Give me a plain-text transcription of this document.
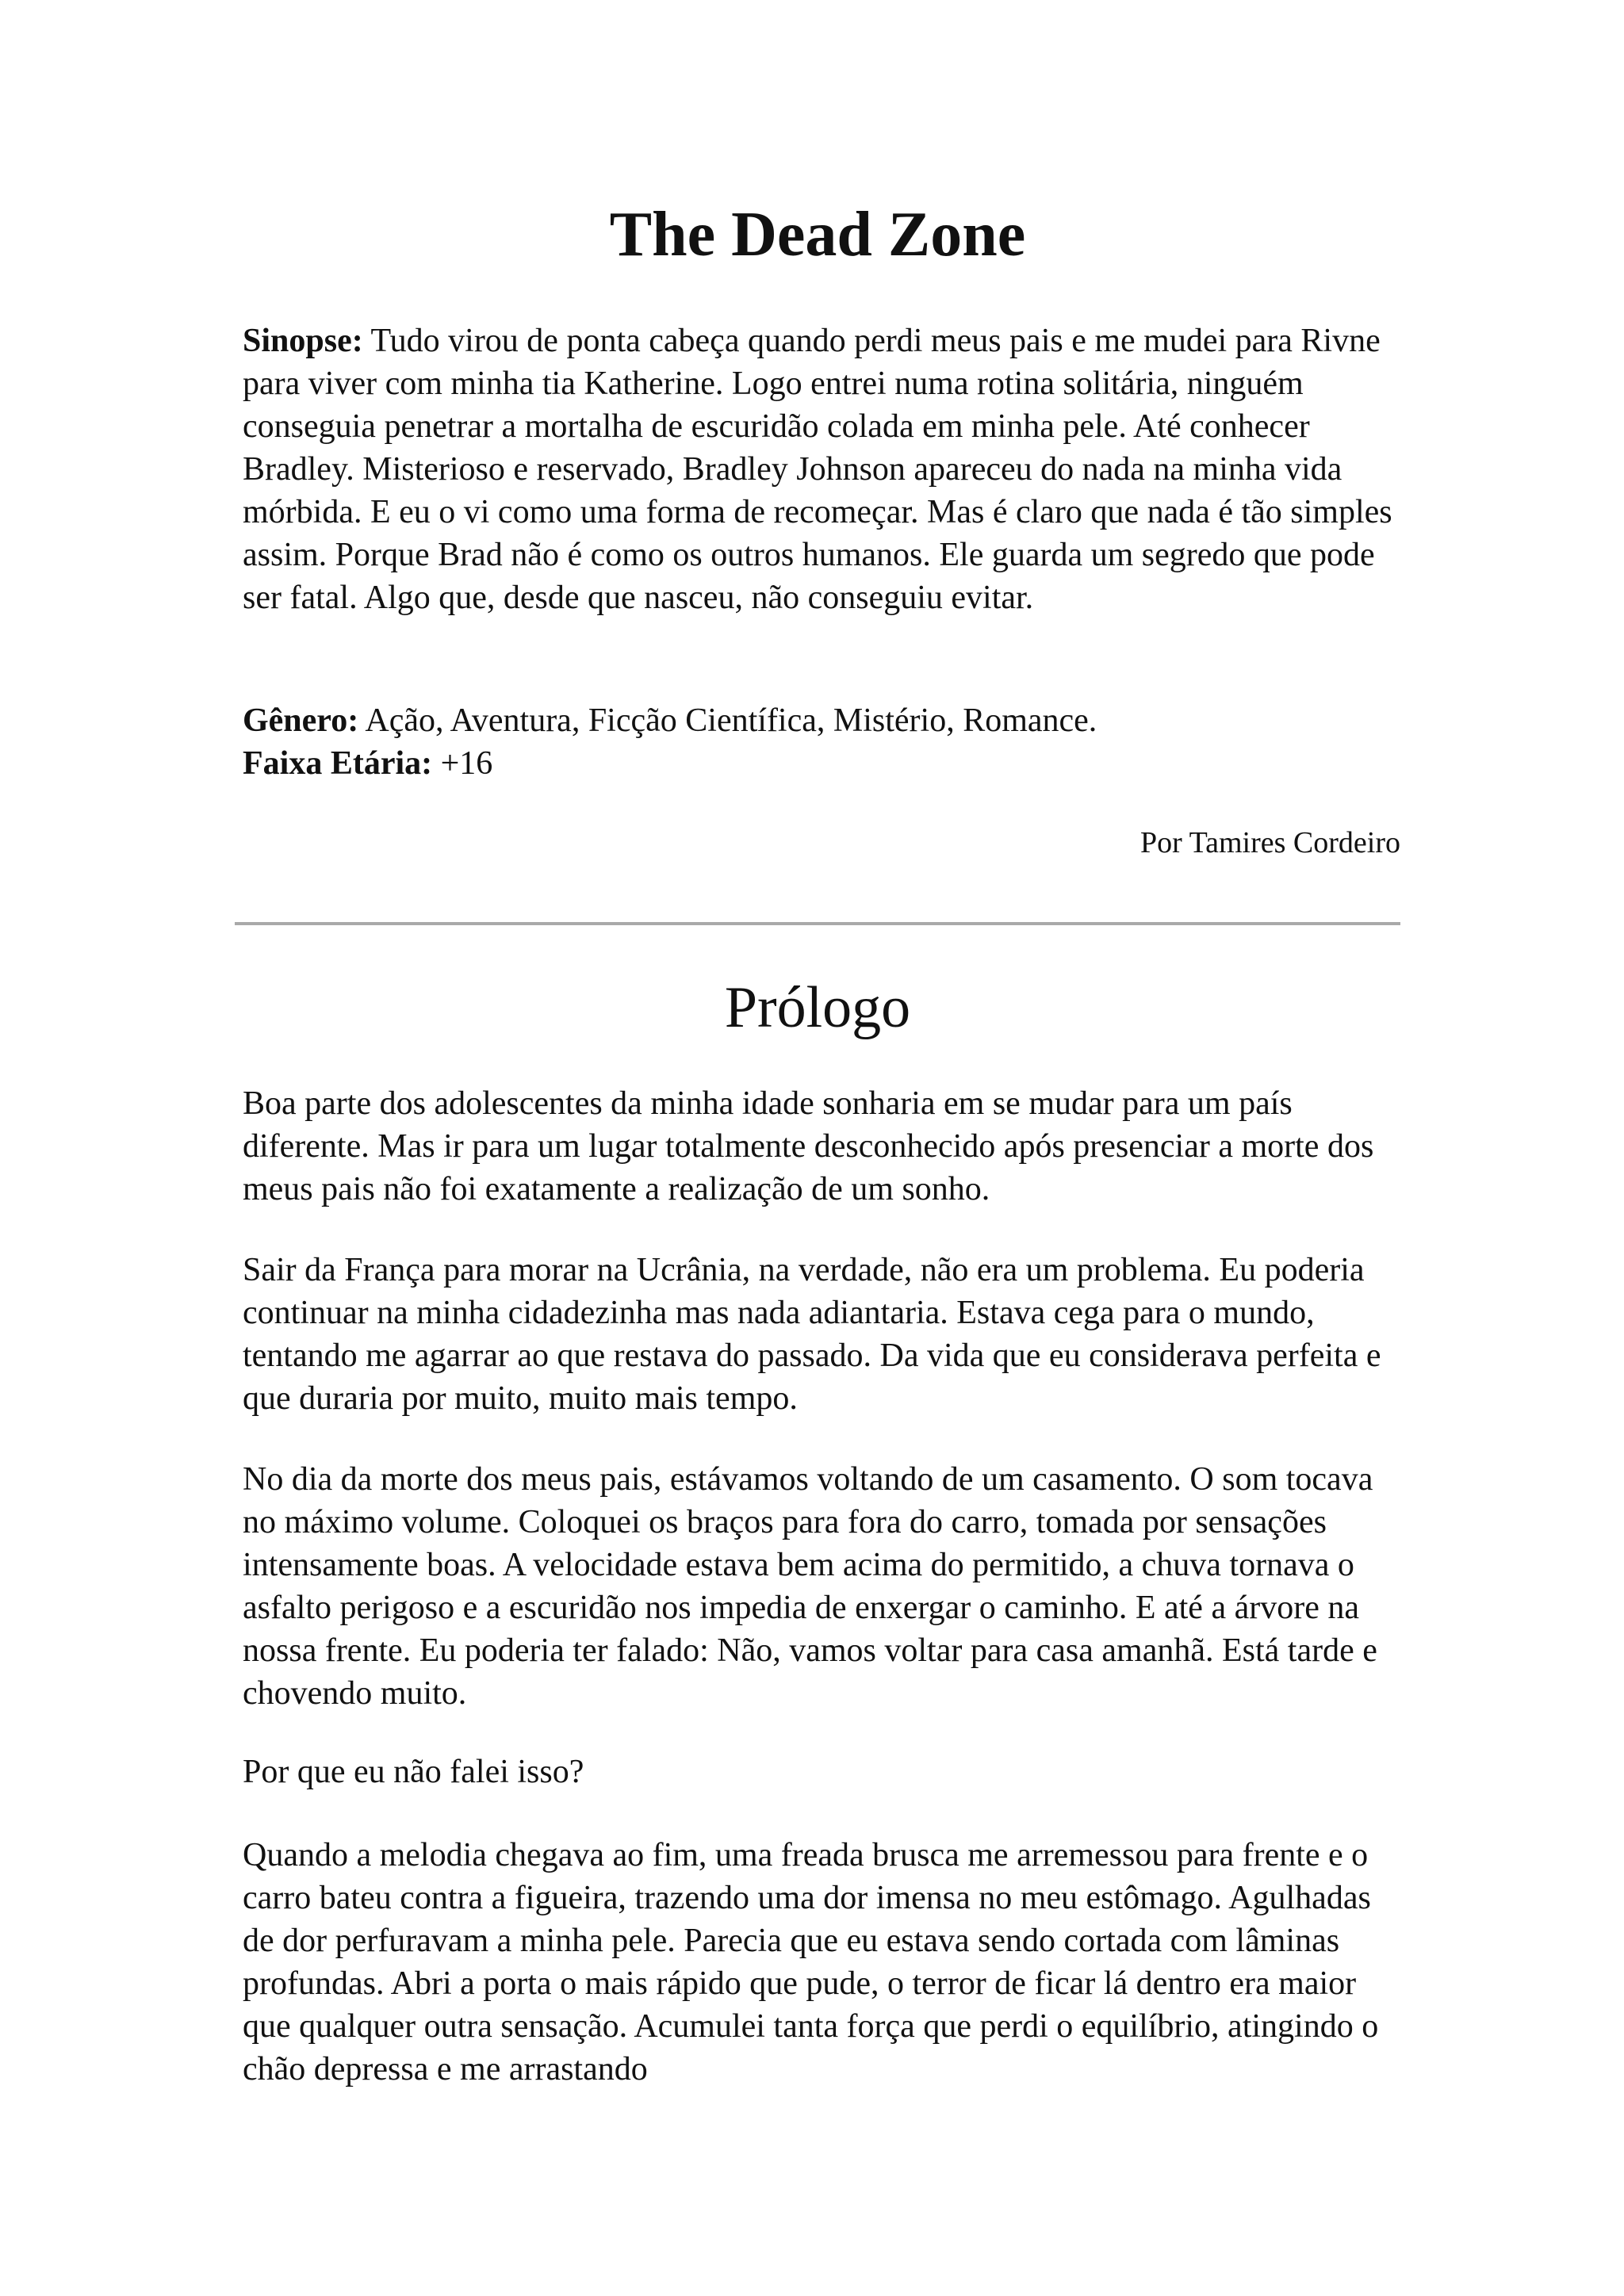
The Dead Zone

Sinopse: Tudo virou de ponta cabeça quando perdi meus pais e me mudei para Rivne para viver com minha tia Katherine. Logo entrei numa rotina solitária, ninguém conseguia penetrar a mortalha de escuridão colada em minha pele. Até conhecer Bradley. Misterioso e reservado, Bradley Johnson apareceu do nada na minha vida mórbida. E eu o vi como uma forma de recomeçar. Mas é claro que nada é tão simples assim. Porque Brad não é como os outros humanos. Ele guarda um segredo que pode ser fatal. Algo que, desde que nasceu, não conseguiu evitar.

Gênero: Ação, Aventura, Ficção Científica, Mistério, Romance.

Faixa Etária: +16

Por Tamires Cordeiro

Prólogo

Boa parte dos adolescentes da minha idade sonharia em se mudar para um país diferente. Mas ir para um lugar totalmente desconhecido após presenciar a morte dos meus pais não foi exatamente a realização de um sonho.

Sair da França para morar na Ucrânia, na verdade, não era um problema. Eu poderia continuar na minha cidadezinha mas nada adiantaria. Estava cega para o mundo, tentando me agarrar ao que restava do passado. Da vida que eu considerava perfeita e que duraria por muito, muito mais tempo.

No dia da morte dos meus pais, estávamos voltando de um casamento. O som tocava no máximo volume. Coloquei os braços para fora do carro, tomada por sensações intensamente boas. A velocidade estava bem acima do permitido, a chuva tornava o asfalto perigoso e a escuridão nos impedia de enxergar o caminho. E até a árvore na nossa frente. Eu poderia ter falado: Não, vamos voltar para casa amanhã. Está tarde e chovendo muito.

Por que eu não falei isso?

Quando a melodia chegava ao fim, uma freada brusca me arremessou para frente e o carro bateu contra a figueira, trazendo uma dor imensa no meu estômago. Agulhadas de dor perfuravam a minha pele. Parecia que eu estava sendo cortada com lâminas profundas. Abri a porta o mais rápido que pude, o terror de ficar lá dentro era maior que qualquer outra sensação. Acumulei tanta força que perdi o equilíbrio, atingindo o chão depressa e me arrastando
